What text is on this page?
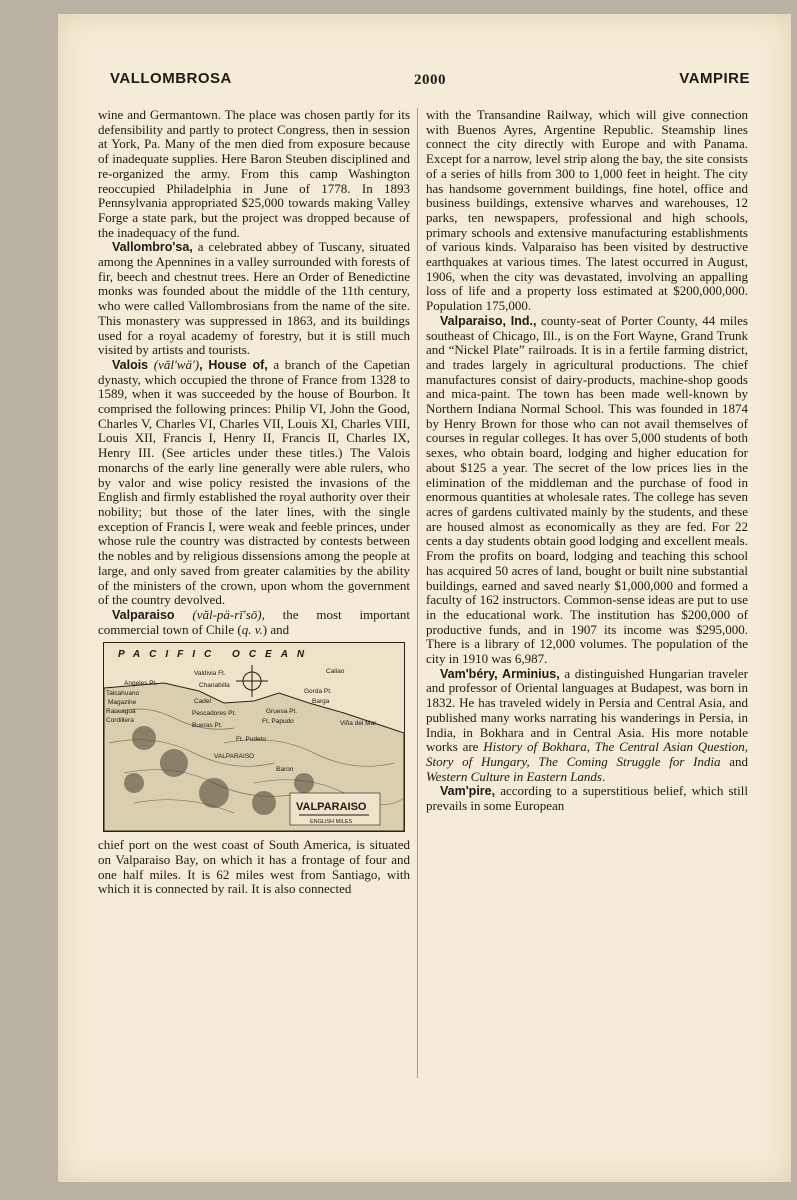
VALLOMBROSA	2000	VAMPIRE

wine and Germantown. The place was chosen partly for its defensibility and partly to protect Congress, then in session at York, Pa. Many of the men died from exposure because of inadequate supplies. Here Baron Steuben disciplined and re-organized the army. From this camp Washington reoccupied Philadelphia in June of 1778. In 1893 Pennsylvania appropriated $25,000 towards making Valley Forge a state park, but the project was dropped because of the inadequacy of the fund.

Vallombro'sa, a celebrated abbey of Tuscany, situated among the Apennines in a valley surrounded with forests of fir, beech and chestnut trees. Here an Order of Benedictine monks was founded about the middle of the 11th century, who were called Vallombrosians from the name of the site. This monastery was suppressed in 1863, and its buildings used for a royal academy of forestry, but it is still much visited by artists and tourists.

Valois (văl'wä'), House of, a branch of the Capetian dynasty, which occupied the throne of France from 1328 to 1589, when it was succeeded by the house of Bourbon. It comprised the following princes: Philip VI, John the Good, Charles V, Charles VI, Charles VII, Louis XI, Charles VIII, Louis XII, Francis I, Henry II, Francis II, Charles IX, Henry III. (See articles under these titles.) The Valois monarchs of the early line generally were able rulers, who by valor and wise policy resisted the invasions of the English and firmly established the royal authority over their nobility; but those of the later lines, with the single exception of Francis I, were weak and feeble princes, under whose rule the country was distracted by contests between the nobles and by religious dissensions among the people at large, and only saved from greater calamities by the ability of the ministers of the crown, upon whom the government of the country devolved.

Valparaiso (văl-pä-rī'sō), the most important commercial town of Chile (q. v.) and

PACIFIC OCEAN
Angeles Pt.
Talcahuano
Magazine
Rancagua
Cordillera
Valdivia Ft.
Chanabilla
Cadel
Pescadores Pt.
Bueras Pt.
Ft. Pudeto
Callao
Gorda Pt.
Barga
Gruesa Pt.
Ft. Papudo	Viña del Mar
VALPARAISO
Baron
VALPARAISO
ENGLISH MILES

chief port on the west coast of South America, is situated on Valparaiso Bay, on which it has a frontage of four and one half miles. It is 62 miles west from Santiago, with which it is connected by rail. It is also connected

with the Transandine Railway, which will give connection with Buenos Ayres, Argentine Republic. Steamship lines connect the city directly with Europe and with Panama. Except for a narrow, level strip along the bay, the site consists of a series of hills from 300 to 1,000 feet in height. The city has handsome government buildings, fine hotel, office and business buildings, extensive wharves and warehouses, 12 parks, ten newspapers, professional and high schools, primary schools and extensive manufacturing establishments of various kinds. Valparaiso has been visited by destructive earthquakes at various times. The latest occurred in August, 1906, when the city was devastated, involving an appalling loss of life and a property loss estimated at $200,000,000. Population 175,000.

Valparaiso, Ind., county-seat of Porter County, 44 miles southeast of Chicago, Ill., is on the Fort Wayne, Grand Trunk and “Nickel Plate” railroads. It is in a fertile farming district, and trades largely in agricultural productions. The chief manufactures consist of dairy-products, machine-shop goods and mica-paint. The town has been made well-known by Northern Indiana Normal School. This was founded in 1874 by Henry Brown for those who can not avail themselves of courses in regular colleges. It has over 5,000 students of both sexes, who obtain board, lodging and higher education for about $125 a year. The secret of the low prices lies in the elimination of the middleman and the purchase of food in enormous quantities at wholesale rates. The college has seven acres of gardens cultivated mainly by the students, and these are housed almost as economically as they are fed. For 22 cents a day students obtain good lodging and excellent meals. From the profits on board, lodging and teaching this school has acquired 50 acres of land, bought or built nine substantial buildings, earned and saved nearly $1,000,000 and formed a faculty of 162 instructors. Common-sense ideas are put to use in the educational work. The institution has $200,000 of productive funds, and in 1907 its income was $295,000. There is a library of 12,000 volumes. The population of the city in 1910 was 6,987.

Vam'béry, Arminius, a distinguished Hungarian traveler and professor of Oriental languages at Budapest, was born in 1832. He has traveled widely in Persia and Central Asia, and published many works narrating his wanderings in Persia, in India, in Bokhara and in Central Asia. His more notable works are History of Bokhara, The Central Asian Question, Story of Hungary, The Coming Struggle for India and Western Culture in Eastern Lands.

Vam'pire, according to a superstitious belief, which still prevails in some European
